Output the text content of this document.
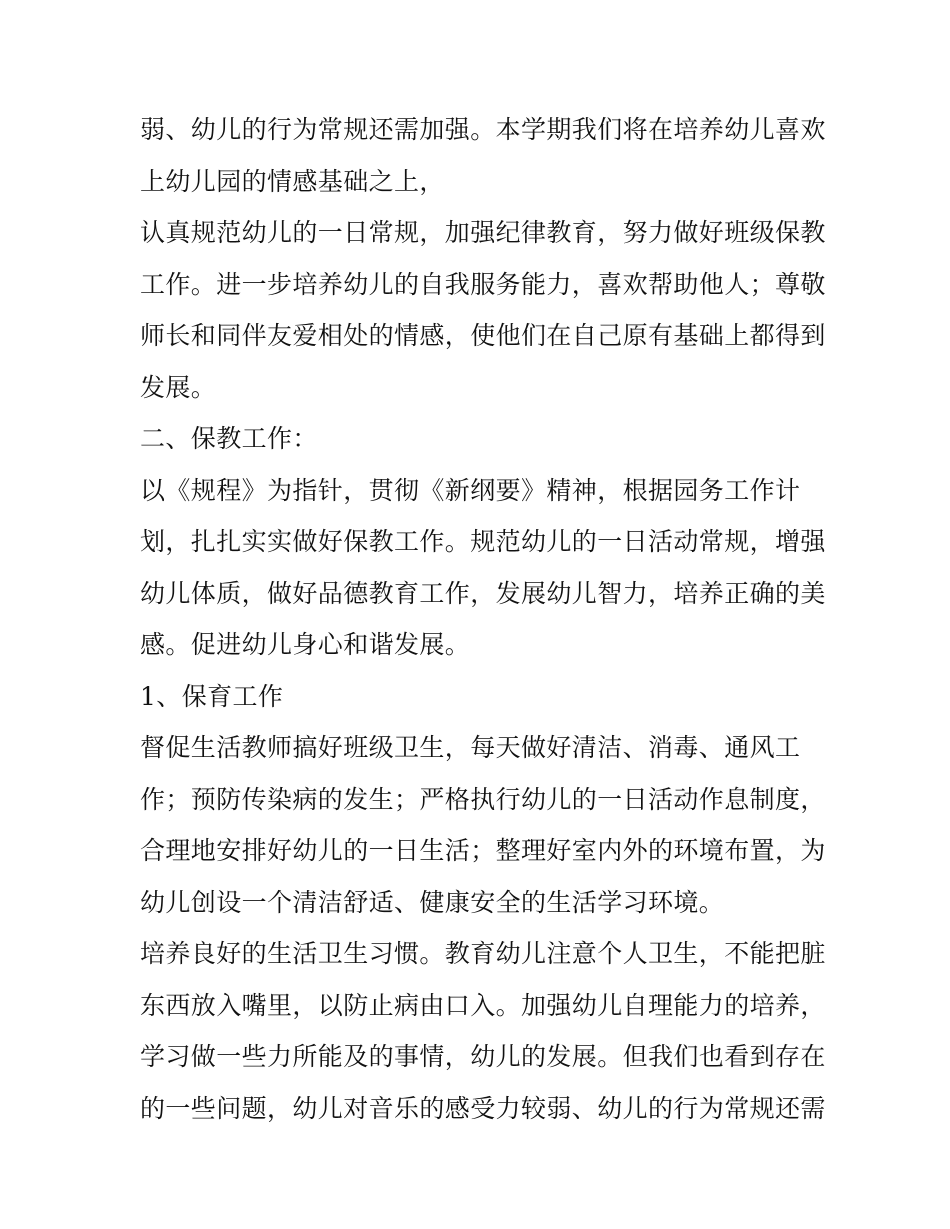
弱、幼儿的行为常规还需加强。本学期我们将在培养幼儿喜欢
上幼儿园的情感基础之上，
认真规范幼儿的一日常规，加强纪律教育，努力做好班级保教
工作。进一步培养幼儿的自我服务能力，喜欢帮助他人；尊敬
师长和同伴友爱相处的情感，使他们在自己原有基础上都得到
发展。
二、保教工作：
以《规程》为指针，贯彻《新纲要》精神，根据园务工作计
划，扎扎实实做好保教工作。规范幼儿的一日活动常规，增强
幼儿体质，做好品德教育工作，发展幼儿智力，培养正确的美
感。促进幼儿身心和谐发展。
1、保育工作
督促生活教师搞好班级卫生，每天做好清洁、消毒、通风工
作；预防传染病的发生；严格执行幼儿的一日活动作息制度，
合理地安排好幼儿的一日生活；整理好室内外的环境布置，为
幼儿创设一个清洁舒适、健康安全的生活学习环境。
培养良好的生活卫生习惯。教育幼儿注意个人卫生，不能把脏
东西放入嘴里，以防止病由口入。加强幼儿自理能力的培养，
学习做一些力所能及的事情，幼儿的发展。但我们也看到存在
的一些问题，幼儿对音乐的感受力较弱、幼儿的行为常规还需
